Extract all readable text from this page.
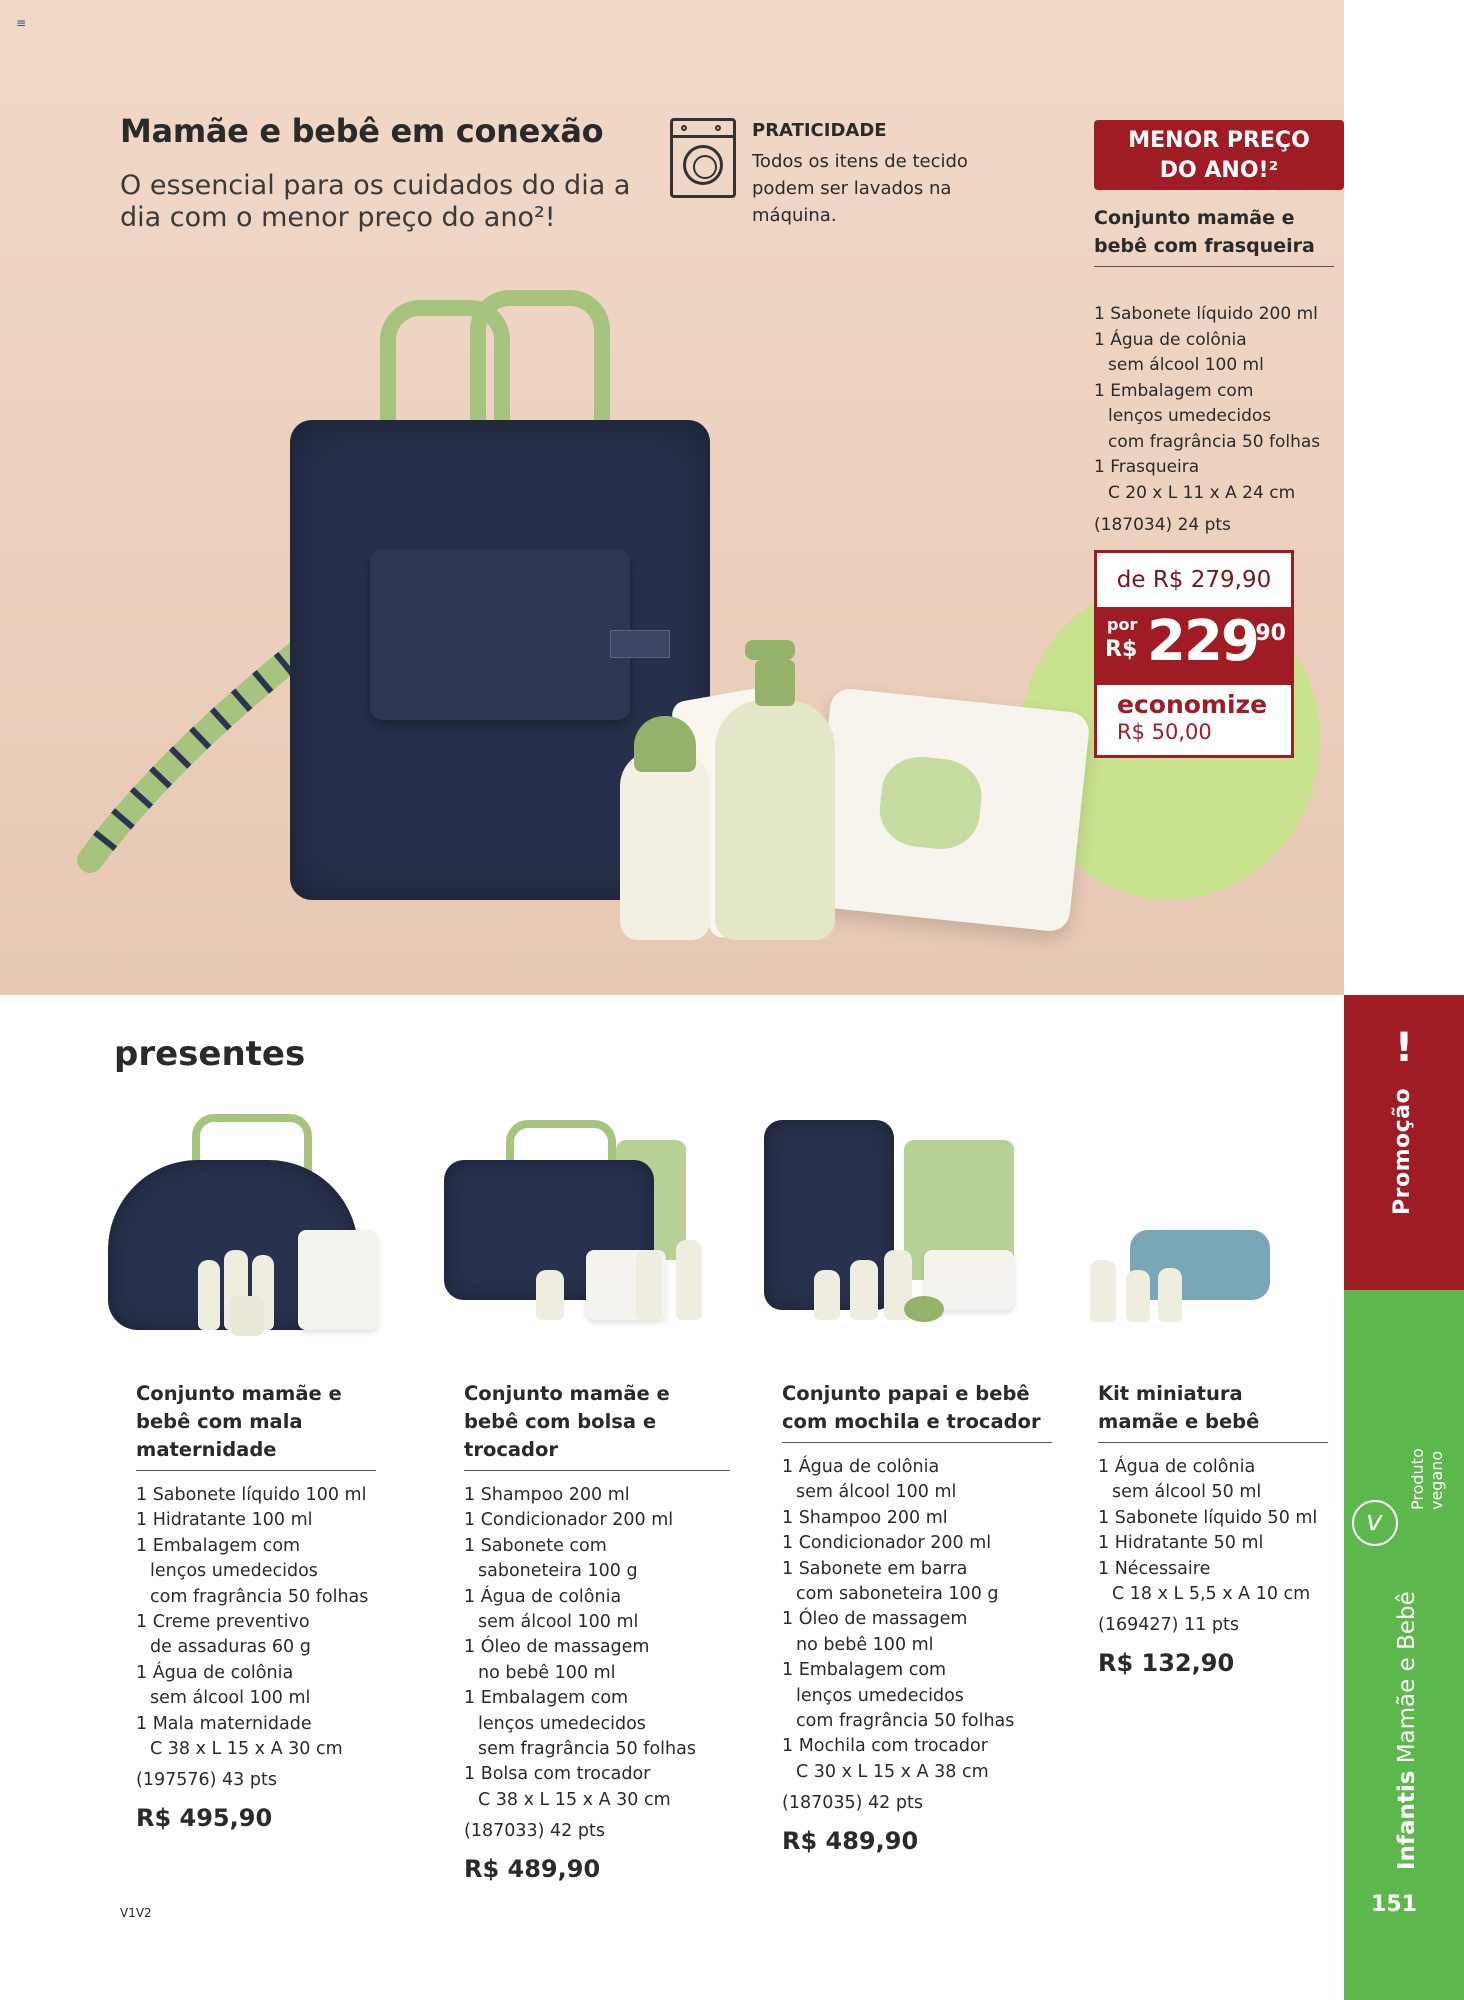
≡
Mamãe e bebê em conexão

O essencial para os cuidados do dia a dia com o menor preço do ano²!

PRATICIDADE
Todos os itens de tecido podem ser lavados na máquina.
MENOR PREÇO
DO ANO!²
Conjunto mamãe e bebê com frasqueira
1 Sabonete líquido 200 ml
1 Água de colônia
sem álcool 100 ml
1 Embalagem com
lenços umedecidos
com fragrância 50 folhas
1 Frasqueira
C 20 x L 11 x A 24 cm
(187034) 24 pts
de R$ 279,90
por
R$ 229
,90
economize
R$ 50,00
!
Promoção
v
Produto vegano
Infantis Mamãe e Bebê
151
presentes
Conjunto mamãe e bebê com mala maternidade
1 Sabonete líquido 100 ml
1 Hidratante 100 ml
1 Embalagem com
lenços umedecidos
com fragrância 50 folhas
1 Creme preventivo
de assaduras 60 g
1 Água de colônia
sem álcool 100 ml
1 Mala maternidade
C 38 x L 15 x A 30 cm
(197576) 43 pts
R$ 495,90
Conjunto mamãe e bebê com bolsa e trocador
1 Shampoo 200 ml
1 Condicionador 200 ml
1 Sabonete com
saboneteira 100 g
1 Água de colônia
sem álcool 100 ml
1 Óleo de massagem
no bebê 100 ml
1 Embalagem com
lenços umedecidos
sem fragrância 50 folhas
1 Bolsa com trocador
C 38 x L 15 x A 30 cm
(187033) 42 pts
R$ 489,90
Conjunto papai e bebê com mochila e trocador
1 Água de colônia
sem álcool 100 ml
1 Shampoo 200 ml
1 Condicionador 200 ml
1 Sabonete em barra
com saboneteira 100 g
1 Óleo de massagem
no bebê 100 ml
1 Embalagem com
lenços umedecidos
com fragrância 50 folhas
1 Mochila com trocador
C 30 x L 15 x A 38 cm
(187035) 42 pts
R$ 489,90
Kit miniatura mamãe e bebê
1 Água de colônia
sem álcool 50 ml
1 Sabonete líquido 50 ml
1 Hidratante 50 ml
1 Nécessaire
C 18 x L 5,5 x A 10 cm
(169427) 11 pts
R$ 132,90
V1V2
